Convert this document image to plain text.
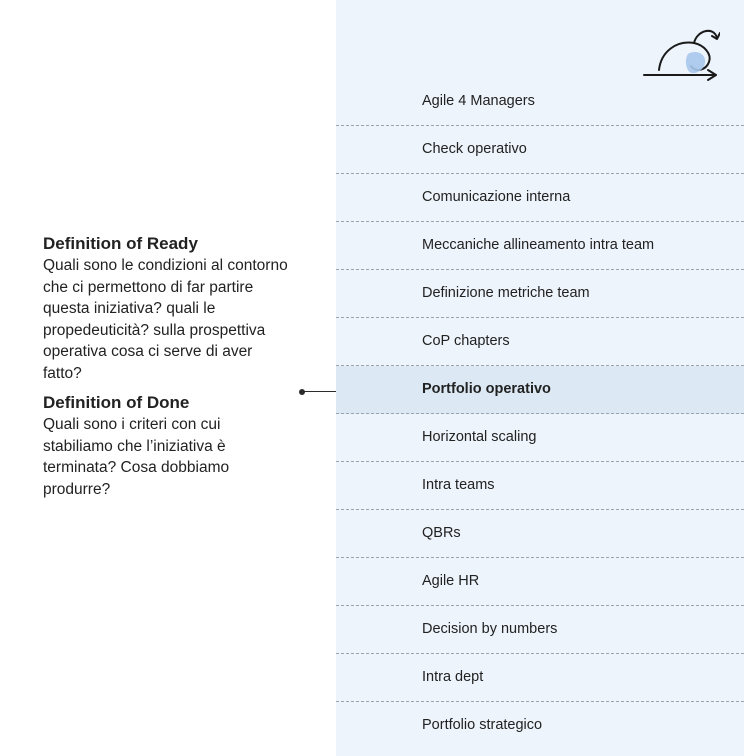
Definition of Ready

Quali sono le condizioni al contorno che ci permettono di far partire questa iniziativa? quali le propedeuticità? sulla prospettiva operativa cosa ci serve di aver fatto?

Definition of Done

Quali sono i criteri con cui stabiliamo che l’iniziativa è terminata? Cosa dobbiamo produrre?

Agile 4 Managers
Check operativo
Comunicazione interna
Meccaniche allineamento intra team
Definizione metriche team
CoP chapters
Portfolio operativo
Horizontal scaling
Intra teams
QBRs
Agile HR
Decision by numbers
Intra dept
Portfolio strategico
